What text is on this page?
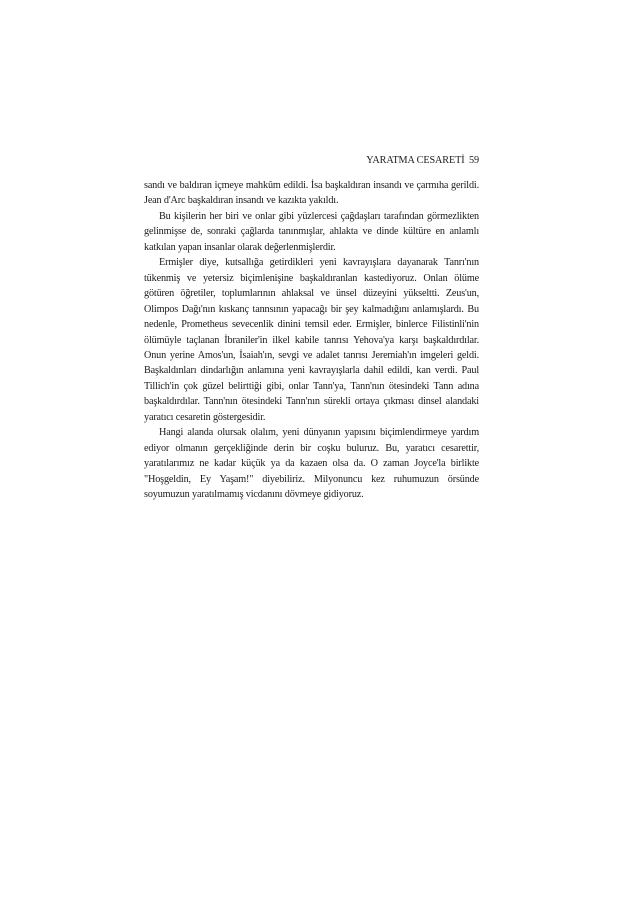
YARATMA CESARETİ 59

sandı ve baldıran içmeye mahkûm edildi. İsa başkaldıran insandı ve çarmıha gerildi. Jean d'Arc başkaldıran insandı ve kazıkta yakıldı.

Bu kişilerin her biri ve onlar gibi yüzlercesi çağdaşları tarafından görmezlikten gelinmişse de, sonraki çağlarda tanınmışlar, ahlakta ve dinde kültüre en anlamlı katkılan yapan insanlar olarak değerlenmişlerdir.

Ermişler diye, kutsallığa getirdikleri yeni kavrayışlara dayanarak Tanrı'nın tükenmiş ve yetersiz biçimlenişine başkaldıranlan kastediyoruz. Onlan ölüme götüren öğretiler, toplumlarının ahlaksal ve ünsel düzeyini yükseltti. Zeus'un, Olimpos Dağı'nın kıskanç tannsının yapacağı bir şey kalmadığını anlamışlardı. Bu nedenle, Prometheus sevecenlik dinini temsil eder. Ermişler, binlerce Filistinli'nin ölümüyle taçlanan İbraniler'in ilkel kabile tanrısı Yehova'ya karşı başkaldırdılar. Onun yerine Amos'un, İsaiah'ın, sevgi ve adalet tanrısı Jeremiah'ın imgeleri geldi. Başkaldınları dindarlığın anlamına yeni kavrayışlarla dahil edildi, kan verdi. Paul Tillich'in çok güzel belirttiği gibi, onlar Tann'ya, Tann'nın ötesindeki Tann adına başkaldırdılar. Tann'nın ötesindeki Tann'nın sürekli ortaya çıkması dinsel alandaki yaratıcı cesaretin göstergesidir.

Hangi alanda olursak olalım, yeni dünyanın yapısını biçimlendirmeye yardım ediyor olmanın gerçekliğinde derin bir coşku buluruz. Bu, yaratıcı cesarettir, yaratılarımız ne kadar küçük ya da kazaen olsa da. O zaman Joyce'la birlikte "Hoşgeldin, Ey Yaşam!" diyebiliriz. Milyonuncu kez ruhumuzun örsünde soyumuzun yaratılmamış vicdanını dövmeye gidiyoruz.
